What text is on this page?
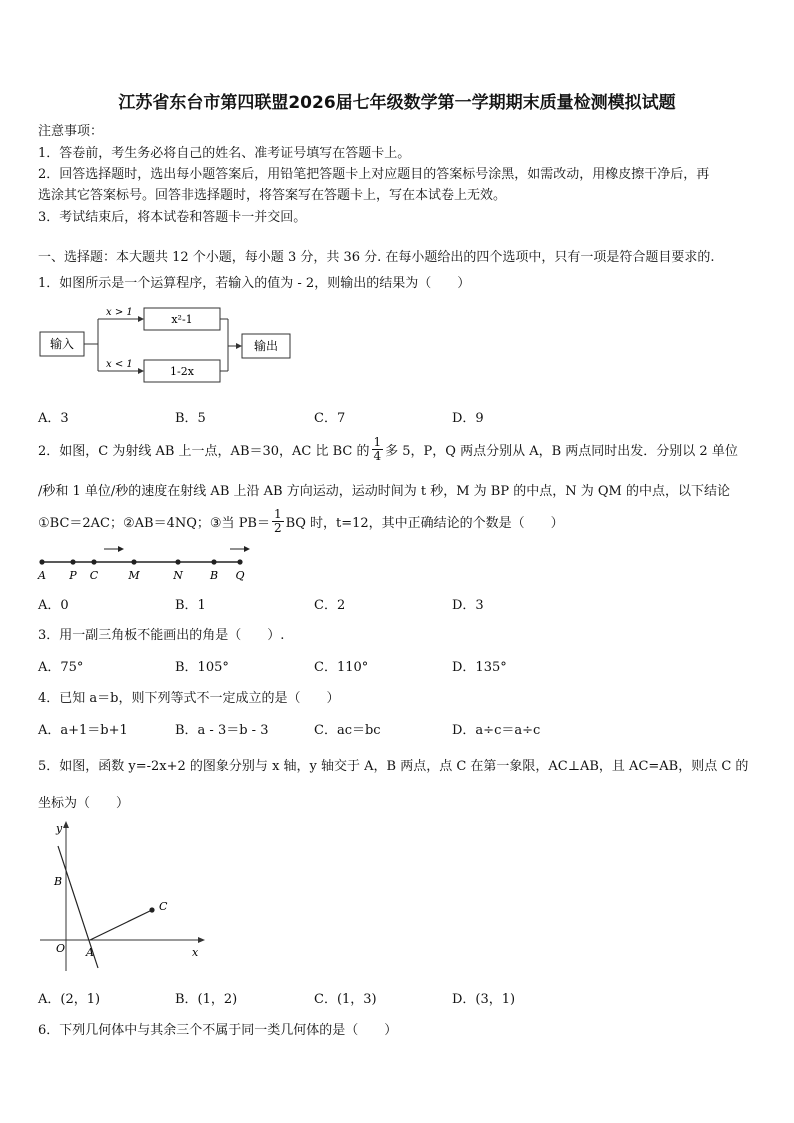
江苏省东台市第四联盟2026届七年级数学第一学期期末质量检测模拟试题
注意事项：
1．答卷前，考生务必将自己的姓名、准考证号填写在答题卡上。
2．回答选择题时，选出每小题答案后，用铅笔把答题卡上对应题目的答案标号涂黑，如需改动，用橡皮擦干净后，再
选涂其它答案标号。回答非选择题时，将答案写在答题卡上，写在本试卷上无效。
3．考试结束后，将本试卷和答题卡一并交回。
一、选择题：本大题共 12 个小题，每小题 3 分，共 36 分. 在每小题给出的四个选项中，只有一项是符合题目要求的.
1．如图所示是一个运算程序，若输入的值为 - 2，则输出的结果为（　　）
输入
x > 1
x < 1
x²-1
1-2x
输出
A．3	B．5	C．7	D．9
2．如图，C 为射线 AB 上一点，AB＝30，AC 比 BC 的 $\frac{1}{4}$ 多 5，P，Q 两点分别从 A，B 两点同时出发．分别以 2 单位
/秒和 1 单位/秒的速度在射线 AB 上沿 AB 方向运动，运动时间为 t 秒，M 为 BP 的中点，N 为 QM 的中点，以下结论
①BC＝2AC；②AB＝4NQ；③当 $PB= \frac{1}{2}$ BQ 时，t=12，其中正确结论的个数是（　　）
A P C	M	N B Q
A．0	B．1	C．2	D．3
3．用一副三角板不能画出的角是（　　）.
A．75°	B．105°	C．110°	D．135°
4．已知 a＝b，则下列等式不一定成立的是（　　）
A．a+1＝b+1	B．a - 3＝b - 3	C．ac＝bc	D．a÷c＝a÷c
5．如图，函数 y=-2x+2 的图象分别与 x 轴，y 轴交于 A，B 两点，点 C 在第一象限，AC⊥AB，且 AC=AB，则点 C 的
坐标为（　　）
y
x
O A
B
C
A．(2，1)	B．(1，2)	C．(1，3)	D．(3，1)
6．下列几何体中与其余三个不属于同一类几何体的是（　　）
